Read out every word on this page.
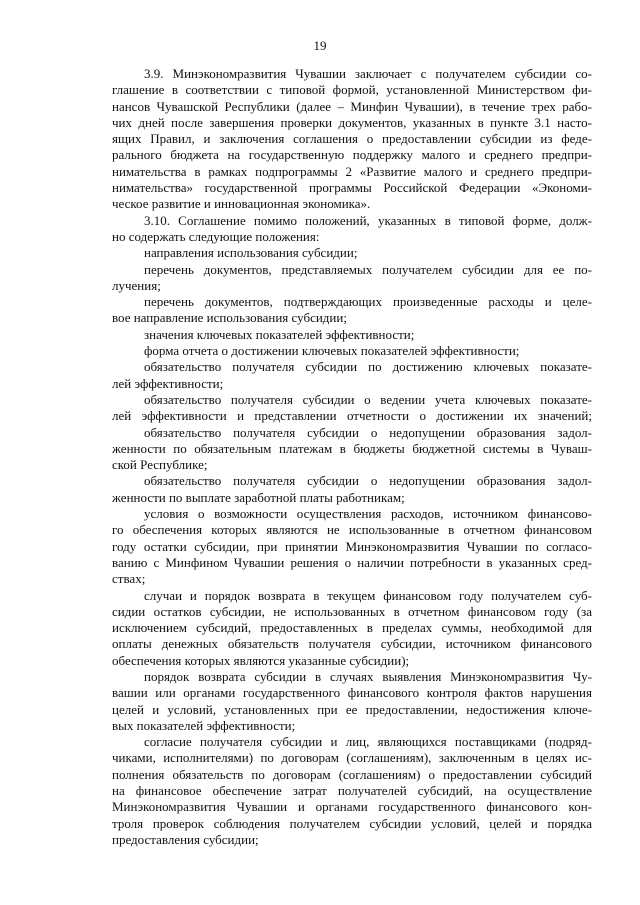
19
3.9. Минэкономразвития Чувашии заключает с получателем субсидии со-
глашение в соответствии с типовой формой, установленной Министерством фи-
нансов Чувашской Республики (далее – Минфин Чувашии), в течение трех рабо-
чих дней после завершения проверки документов, указанных в пункте 3.1 насто-
ящих Правил, и заключения соглашения о предоставлении субсидии из феде-
рального бюджета на государственную поддержку малого и среднего предпри-
нимательства в рамках подпрограммы 2 «Развитие малого и среднего предпри-
нимательства» государственной программы Российской Федерации «Экономи-
ческое развитие и инновационная экономика».
3.10. Соглашение помимо положений, указанных в типовой форме, долж-
но содержать следующие положения:
направления использования субсидии;
перечень документов, представляемых получателем субсидии для ее по-
лучения;
перечень документов, подтверждающих произведенные расходы и целе-
вое направление использования субсидии;
значения ключевых показателей эффективности;
форма отчета о достижении ключевых показателей эффективности;
обязательство получателя субсидии по достижению ключевых показате-
лей эффективности;
обязательство получателя субсидии о ведении учета ключевых показате-
лей эффективности и представлении отчетности о достижении их значений;
обязательство получателя субсидии о недопущении образования задол-
женности по обязательным платежам в бюджеты бюджетной системы в Чуваш-
ской Республике;
обязательство получателя субсидии о недопущении образования задол-
женности по выплате заработной платы работникам;
условия о возможности осуществления расходов, источником финансово-
го обеспечения которых являются не использованные в отчетном финансовом
году остатки субсидии, при принятии Минэкономразвития Чувашии по согласо-
ванию с Минфином Чувашии решения о наличии потребности в указанных сред-
ствах;
случаи и порядок возврата в текущем финансовом году получателем суб-
сидии остатков субсидии, не использованных в отчетном финансовом году (за
исключением субсидий, предоставленных в пределах суммы, необходимой для
оплаты денежных обязательств получателя субсидии, источником финансового
обеспечения которых являются указанные субсидии);
порядок возврата субсидии в случаях выявления Минэкономразвития Чу-
вашии или органами государственного финансового контроля фактов нарушения
целей и условий, установленных при ее предоставлении, недостижения ключе-
вых показателей эффективности;
согласие получателя субсидии и лиц, являющихся поставщиками (подряд-
чиками, исполнителями) по договорам (соглашениям), заключенным в целях ис-
полнения обязательств по договорам (соглашениям) о предоставлении субсидий
на финансовое обеспечение затрат получателей субсидий, на осуществление
Минэкономразвития Чувашии и органами государственного финансового кон-
троля проверок соблюдения получателем субсидии условий, целей и порядка
предоставления субсидии;
